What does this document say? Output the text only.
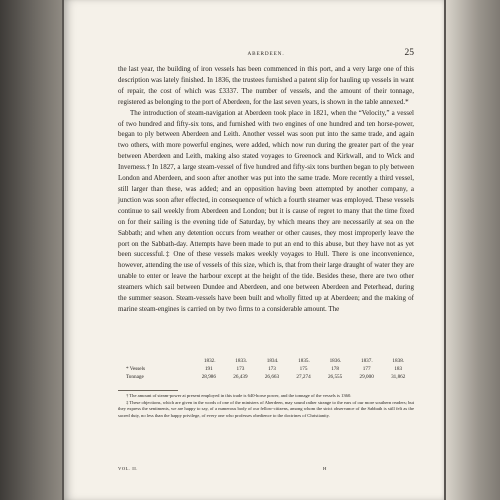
ABERDEEN.	25

the last year, the building of iron vessels has been commenced in this port, and a very large one of this description was lately finished. In 1836, the trustees furnished a patent slip for hauling up vessels in want of repair, the cost of which was £3337. The number of vessels, and the amount of their tonnage, registered as belonging to the port of Aberdeen, for the last seven years, is shown in the table annexed.*

The introduction of steam-navigation at Aberdeen took place in 1821, when the “Velocity,” a vessel of two hundred and fifty-six tons, and furnished with two engines of one hundred and ten horse-power, began to ply between Aberdeen and Leith. Another vessel was soon put into the same trade, and again two others, with more powerful engines, were added, which now run during the greater part of the year between Aberdeen and Leith, making also stated voyages to Greenock and Kirkwall, and to Wick and Inverness.† In 1827, a large steam-vessel of five hundred and fifty-six tons burthen began to ply between London and Aberdeen, and soon after another was put into the same trade. More recently a third vessel, still larger than these, was added; and an opposition having been attempted by another company, a junction was soon after effected, in consequence of which a fourth steamer was employed. These vessels continue to sail weekly from Aberdeen and London; but it is cause of regret to many that the time fixed on for their sailing is the evening tide of Saturday, by which means they are necessarily at sea on the Sabbath; and when any detention occurs from weather or other causes, they most improperly leave the port on the Sabbath-day. Attempts have been made to put an end to this abuse, but they have not as yet been successful.‡ One of these vessels makes weekly voyages to Hull. There is one inconvenience, however, attending the use of vessels of this size, which is, that from their large draught of water they are unable to enter or leave the harbour except at the height of the tide. Besides these, there are two other steamers which sail between Dundee and Aberdeen, and one between Aberdeen and Peterhead, during the summer season. Steam-vessels have been built and wholly fitted up at Aberdeen; and the making of marine steam-engines is carried on by two firms to a considerable amount. The

1832.	1833.	1834.	1835.	1836.	1837.	1838.
* Vessels	191	173	173	175	178	177	183
Tonnage	28,986	26,439	26,663	27,274	26,555	29,000	31,862

† The amount of steam-power at present employed in this trade is 640-horse power, and the tonnage of the vessels is 1360.

‡ These objections, which are given in the words of one of the ministers of Aberdeen, may sound rather strange to the ears of our more southern readers; but they express the sentiments, we are happy to say, of a numerous body of our fellow-citizens, among whom the strict observance of the Sabbath is still felt as the sacred duty, no less than the happy privilege, of every one who professes obedience to the doctrines of Christianity.

VOL. II.	H
